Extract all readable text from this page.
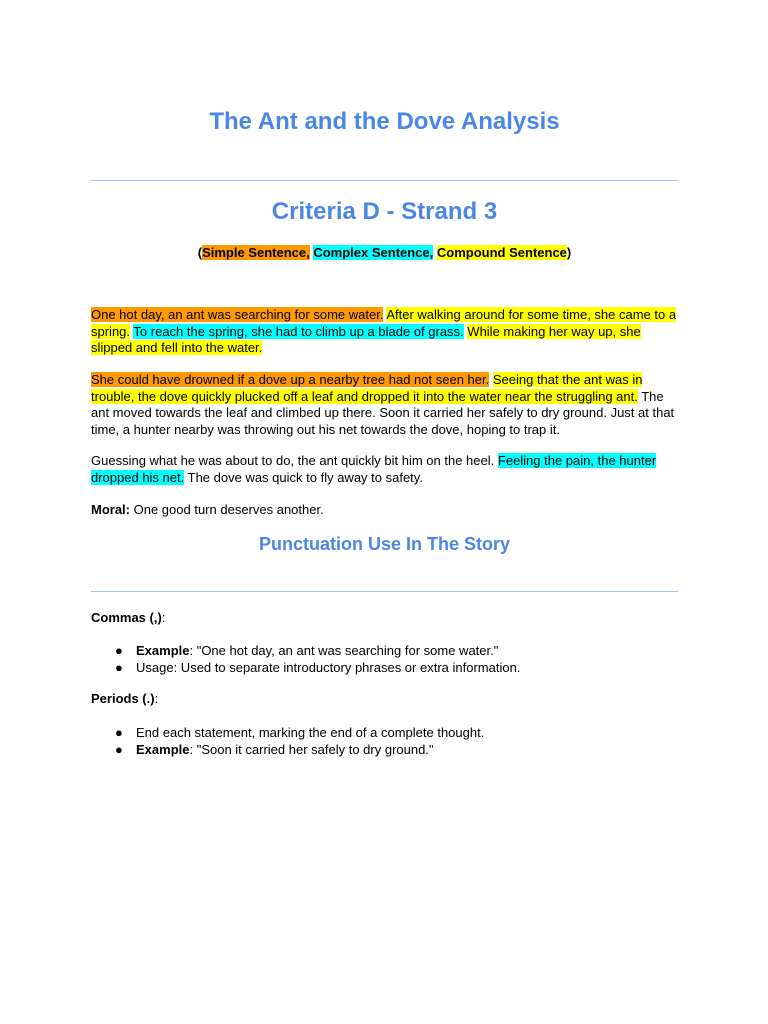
The Ant and the Dove Analysis
Criteria D - Strand 3
(Simple Sentence, Complex Sentence, Compound Sentence)

One hot day, an ant was searching for some water. After walking around for some time, she came to a spring. To reach the spring, she had to climb up a blade of grass. While making her way up, she slipped and fell into the water.

She could have drowned if a dove up a nearby tree had not seen her. Seeing that the ant was in trouble, the dove quickly plucked off a leaf and dropped it into the water near the struggling ant. The ant moved towards the leaf and climbed up there. Soon it carried her safely to dry ground. Just at that time, a hunter nearby was throwing out his net towards the dove, hoping to trap it.

Guessing what he was about to do, the ant quickly bit him on the heel. Feeling the pain, the hunter dropped his net. The dove was quick to fly away to safety.

Moral: One good turn deserves another.

Punctuation Use In The Story
Commas (,):
● Example: "One hot day, an ant was searching for some water."
● Usage: Used to separate introductory phrases or extra information.
Periods (.):
● End each statement, marking the end of a complete thought.
● Example: "Soon it carried her safely to dry ground."
